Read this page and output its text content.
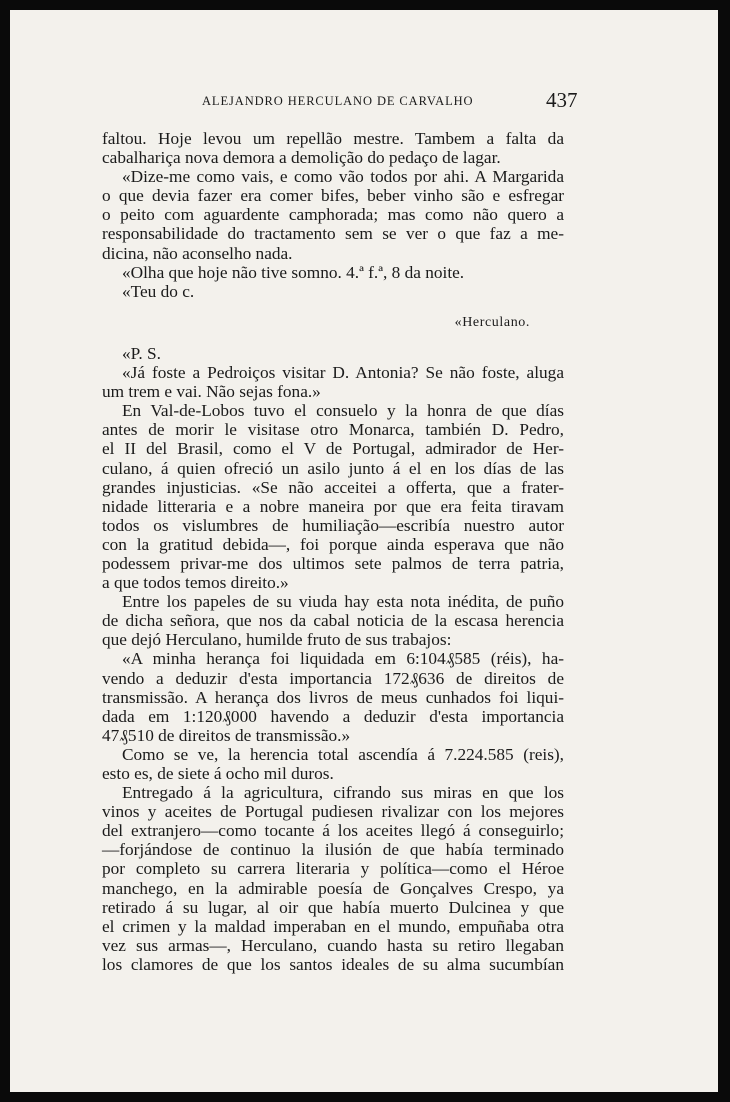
ALEJANDRO HERCULANO DE CARVALHO	437
faltou. Hoje levou um repellão mestre. Tambem a falta da
cabalhariça nova demora a demolição do pedaço de lagar.
«Dize-me como vais, e como vão todos por ahi. A Margarida
o que devia fazer era comer bifes, beber vinho são e esfregar
o peito com aguardente camphorada; mas como não quero a
responsabilidade do tractamento sem se ver o que faz a me-
dicina, não aconselho nada.
«Olha que hoje não tive somno. 4.ª f.ª, 8 da noite.
«Teu do c.
«Herculano.
«P. S.
«Já foste a Pedroiços visitar D. Antonia? Se não foste, aluga
um trem e vai. Não sejas fona.»
En Val-de-Lobos tuvo el consuelo y la honra de que días
antes de morir le visitase otro Monarca, también D. Pedro,
el II del Brasil, como el V de Portugal, admirador de Her-
culano, á quien ofreció un asilo junto á el en los días de las
grandes injusticias. «Se não acceitei a offerta, que a frater-
nidade litteraria e a nobre maneira por que era feita tiravam
todos os vislumbres de humiliação—escribía nuestro autor
con la gratitud debida—, foi porque ainda esperava que não
podessem privar-me dos ultimos sete palmos de terra patria,
a que todos temos direito.»
Entre los papeles de su viuda hay esta nota inédita, de puño
de dicha señora, que nos da cabal noticia de la escasa herencia
que dejó Herculano, humilde fruto de sus trabajos:
«A minha herança foi liquidada em 6:104₰585 (réis), ha-
vendo a deduzir d'esta importancia 172₰636 de direitos de
transmissão. A herança dos livros de meus cunhados foi liqui-
dada em 1:120₰000 havendo a deduzir d'esta importancia
47₰510 de direitos de transmissão.»
Como se ve, la herencia total ascendía á 7.224.585 (reis),
esto es, de siete á ocho mil duros.
Entregado á la agricultura, cifrando sus miras en que los
vinos y aceites de Portugal pudiesen rivalizar con los mejores
del extranjero—como tocante á los aceites llegó á conseguirlo;
—forjándose de continuo la ilusión de que había terminado
por completo su carrera literaria y política—como el Héroe
manchego, en la admirable poesía de Gonçalves Crespo, ya
retirado á su lugar, al oir que había muerto Dulcinea y que
el crimen y la maldad imperaban en el mundo, empuñaba otra
vez sus armas—, Herculano, cuando hasta su retiro llegaban
los clamores de que los santos ideales de su alma sucumbían
